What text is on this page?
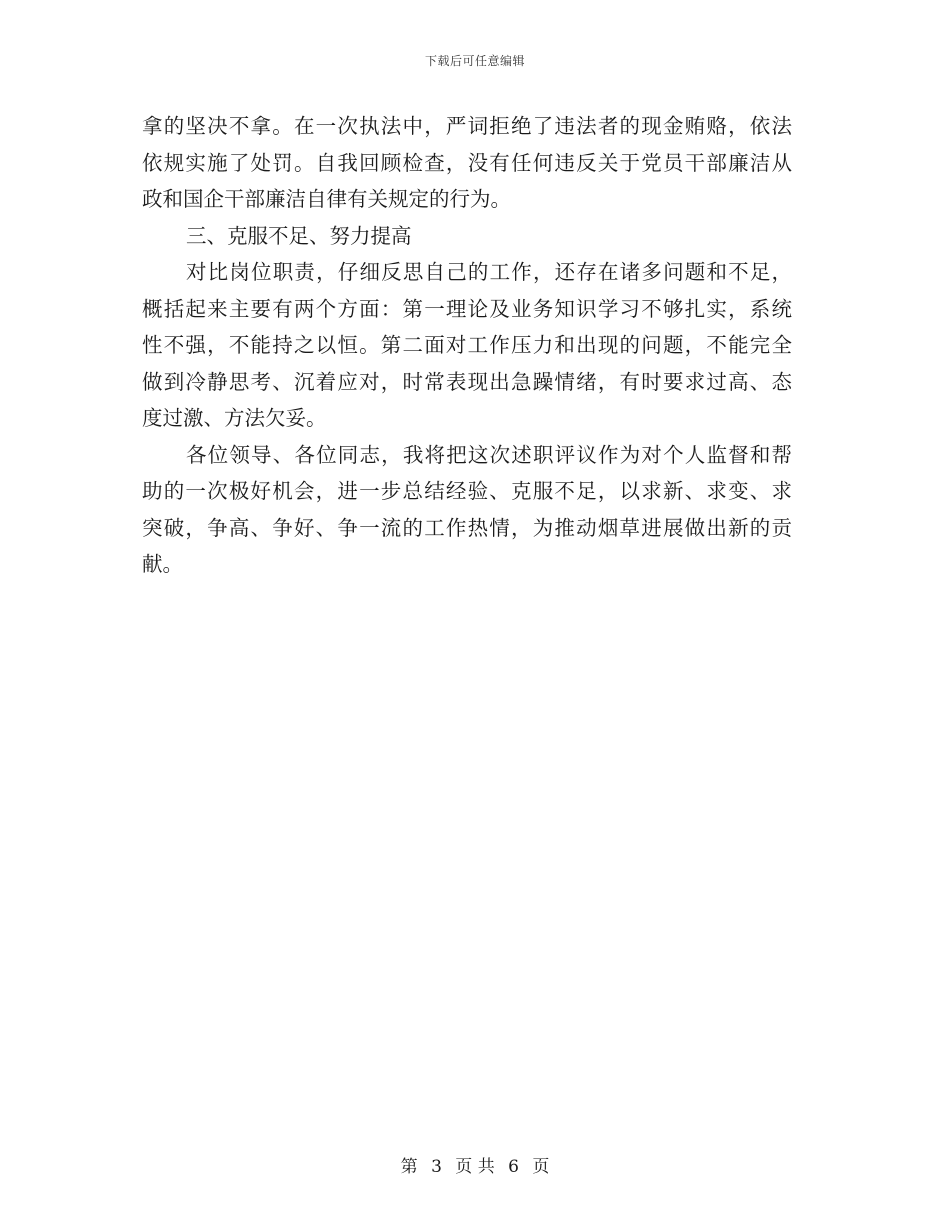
下载后可任意编辑
拿的坚决不拿。在一次执法中，严词拒绝了违法者的现金贿赂，依法
依规实施了处罚。自我回顾检查，没有任何违反关于党员干部廉洁从
政和国企干部廉洁自律有关规定的行为。
三、克服不足、努力提高
对比岗位职责，仔细反思自己的工作，还存在诸多问题和不足，
概括起来主要有两个方面：第一理论及业务知识学习不够扎实，系统
性不强，不能持之以恒。第二面对工作压力和出现的问题，不能完全
做到冷静思考、沉着应对，时常表现出急躁情绪，有时要求过高、态
度过激、方法欠妥。
各位领导、各位同志，我将把这次述职评议作为对个人监督和帮
助的一次极好机会，进一步总结经验、克服不足，以求新、求变、求
突破，争高、争好、争一流的工作热情，为推动烟草进展做出新的贡
献。
第 3 页 共 6 页
